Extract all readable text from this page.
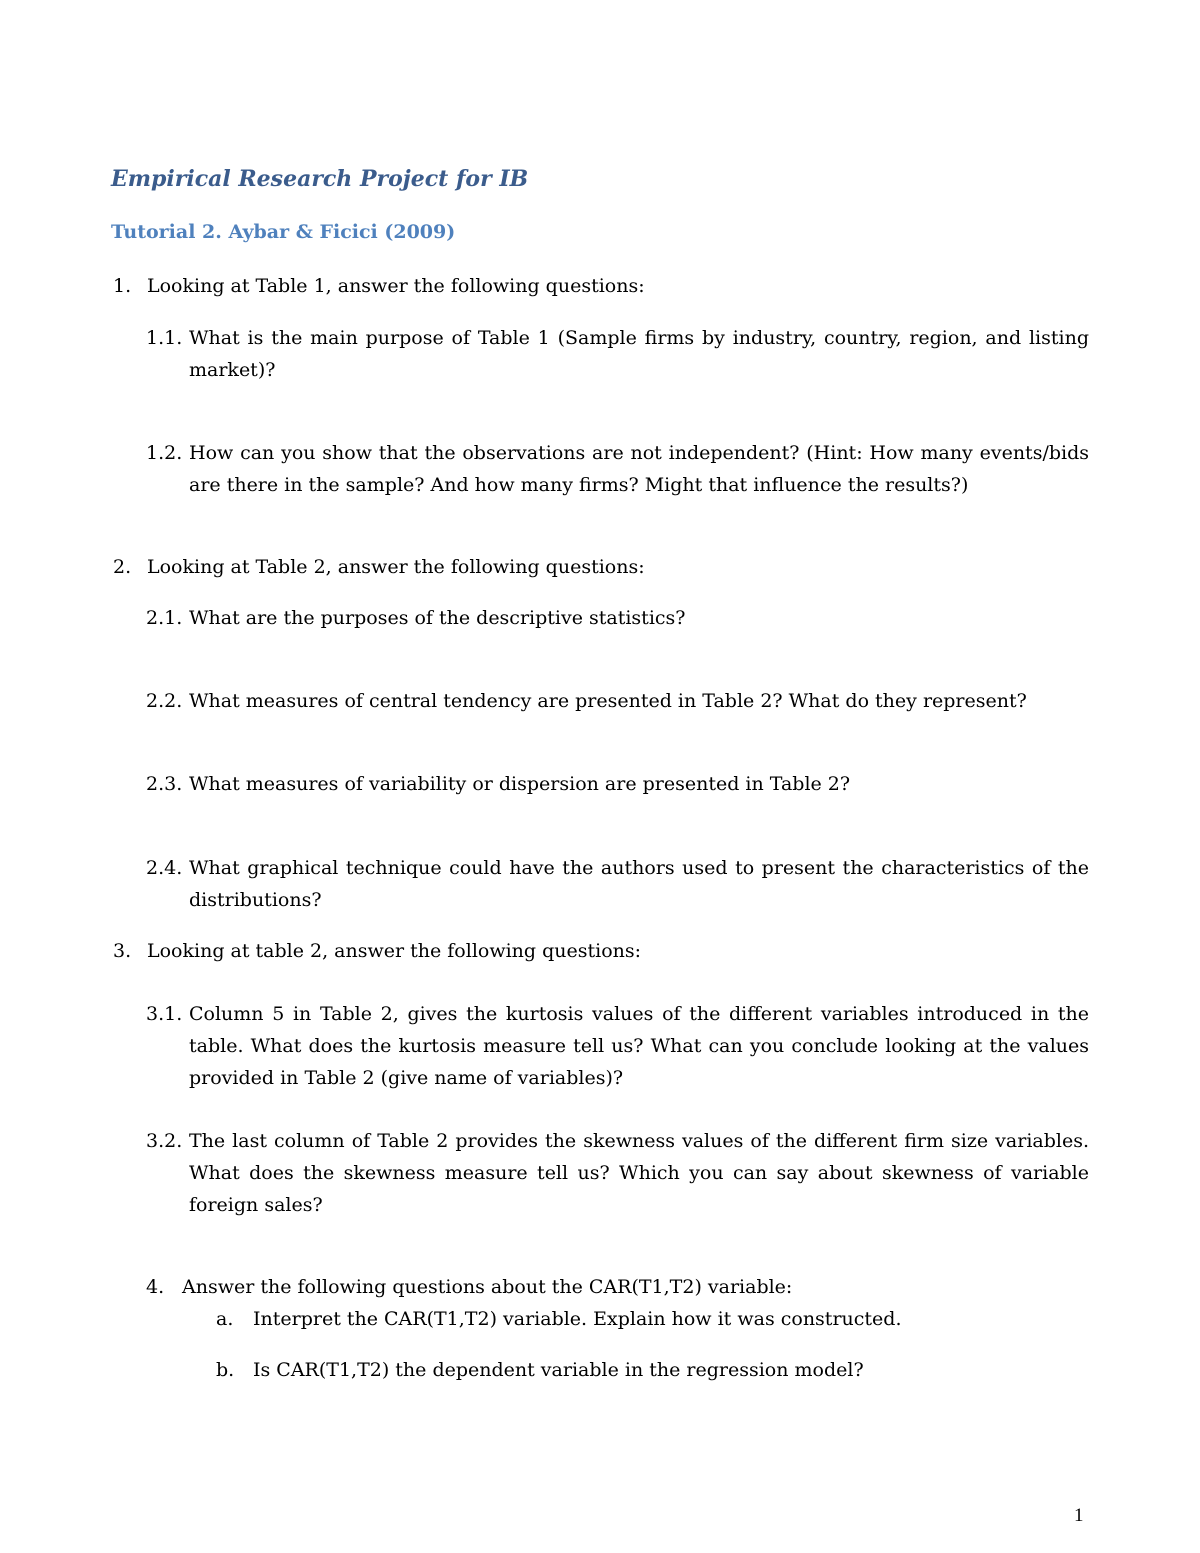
Empirical Research Project for IB
Tutorial 2. Aybar & Ficici (2009)
1. Looking at Table 1, answer the following questions:
1.1. What is the main purpose of Table 1 (Sample firms by industry, country, region, and listing market)?
1.2. How can you show that the observations are not independent? (Hint: How many events/bids are there in the sample? And how many firms? Might that influence the results?)
2. Looking at Table 2, answer the following questions:
2.1. What are the purposes of the descriptive statistics?
2.2. What measures of central tendency are presented in Table 2? What do they represent?
2.3. What measures of variability or dispersion are presented in Table 2?
2.4. What graphical technique could have the authors used to present the characteristics of the distributions?
3. Looking at table 2, answer the following questions:
3.1. Column 5 in Table 2, gives the kurtosis values of the different variables introduced in the table. What does the kurtosis measure tell us? What can you conclude looking at the values provided in Table 2 (give name of variables)?
3.2. The last column of Table 2 provides the skewness values of the different firm size variables. What does the skewness measure tell us? Which you can say about skewness of variable foreign sales?
4. Answer the following questions about the CAR(T1,T2) variable:
a. Interpret the CAR(T1,T2) variable. Explain how it was constructed.
b. Is CAR(T1,T2) the dependent variable in the regression model?
1
